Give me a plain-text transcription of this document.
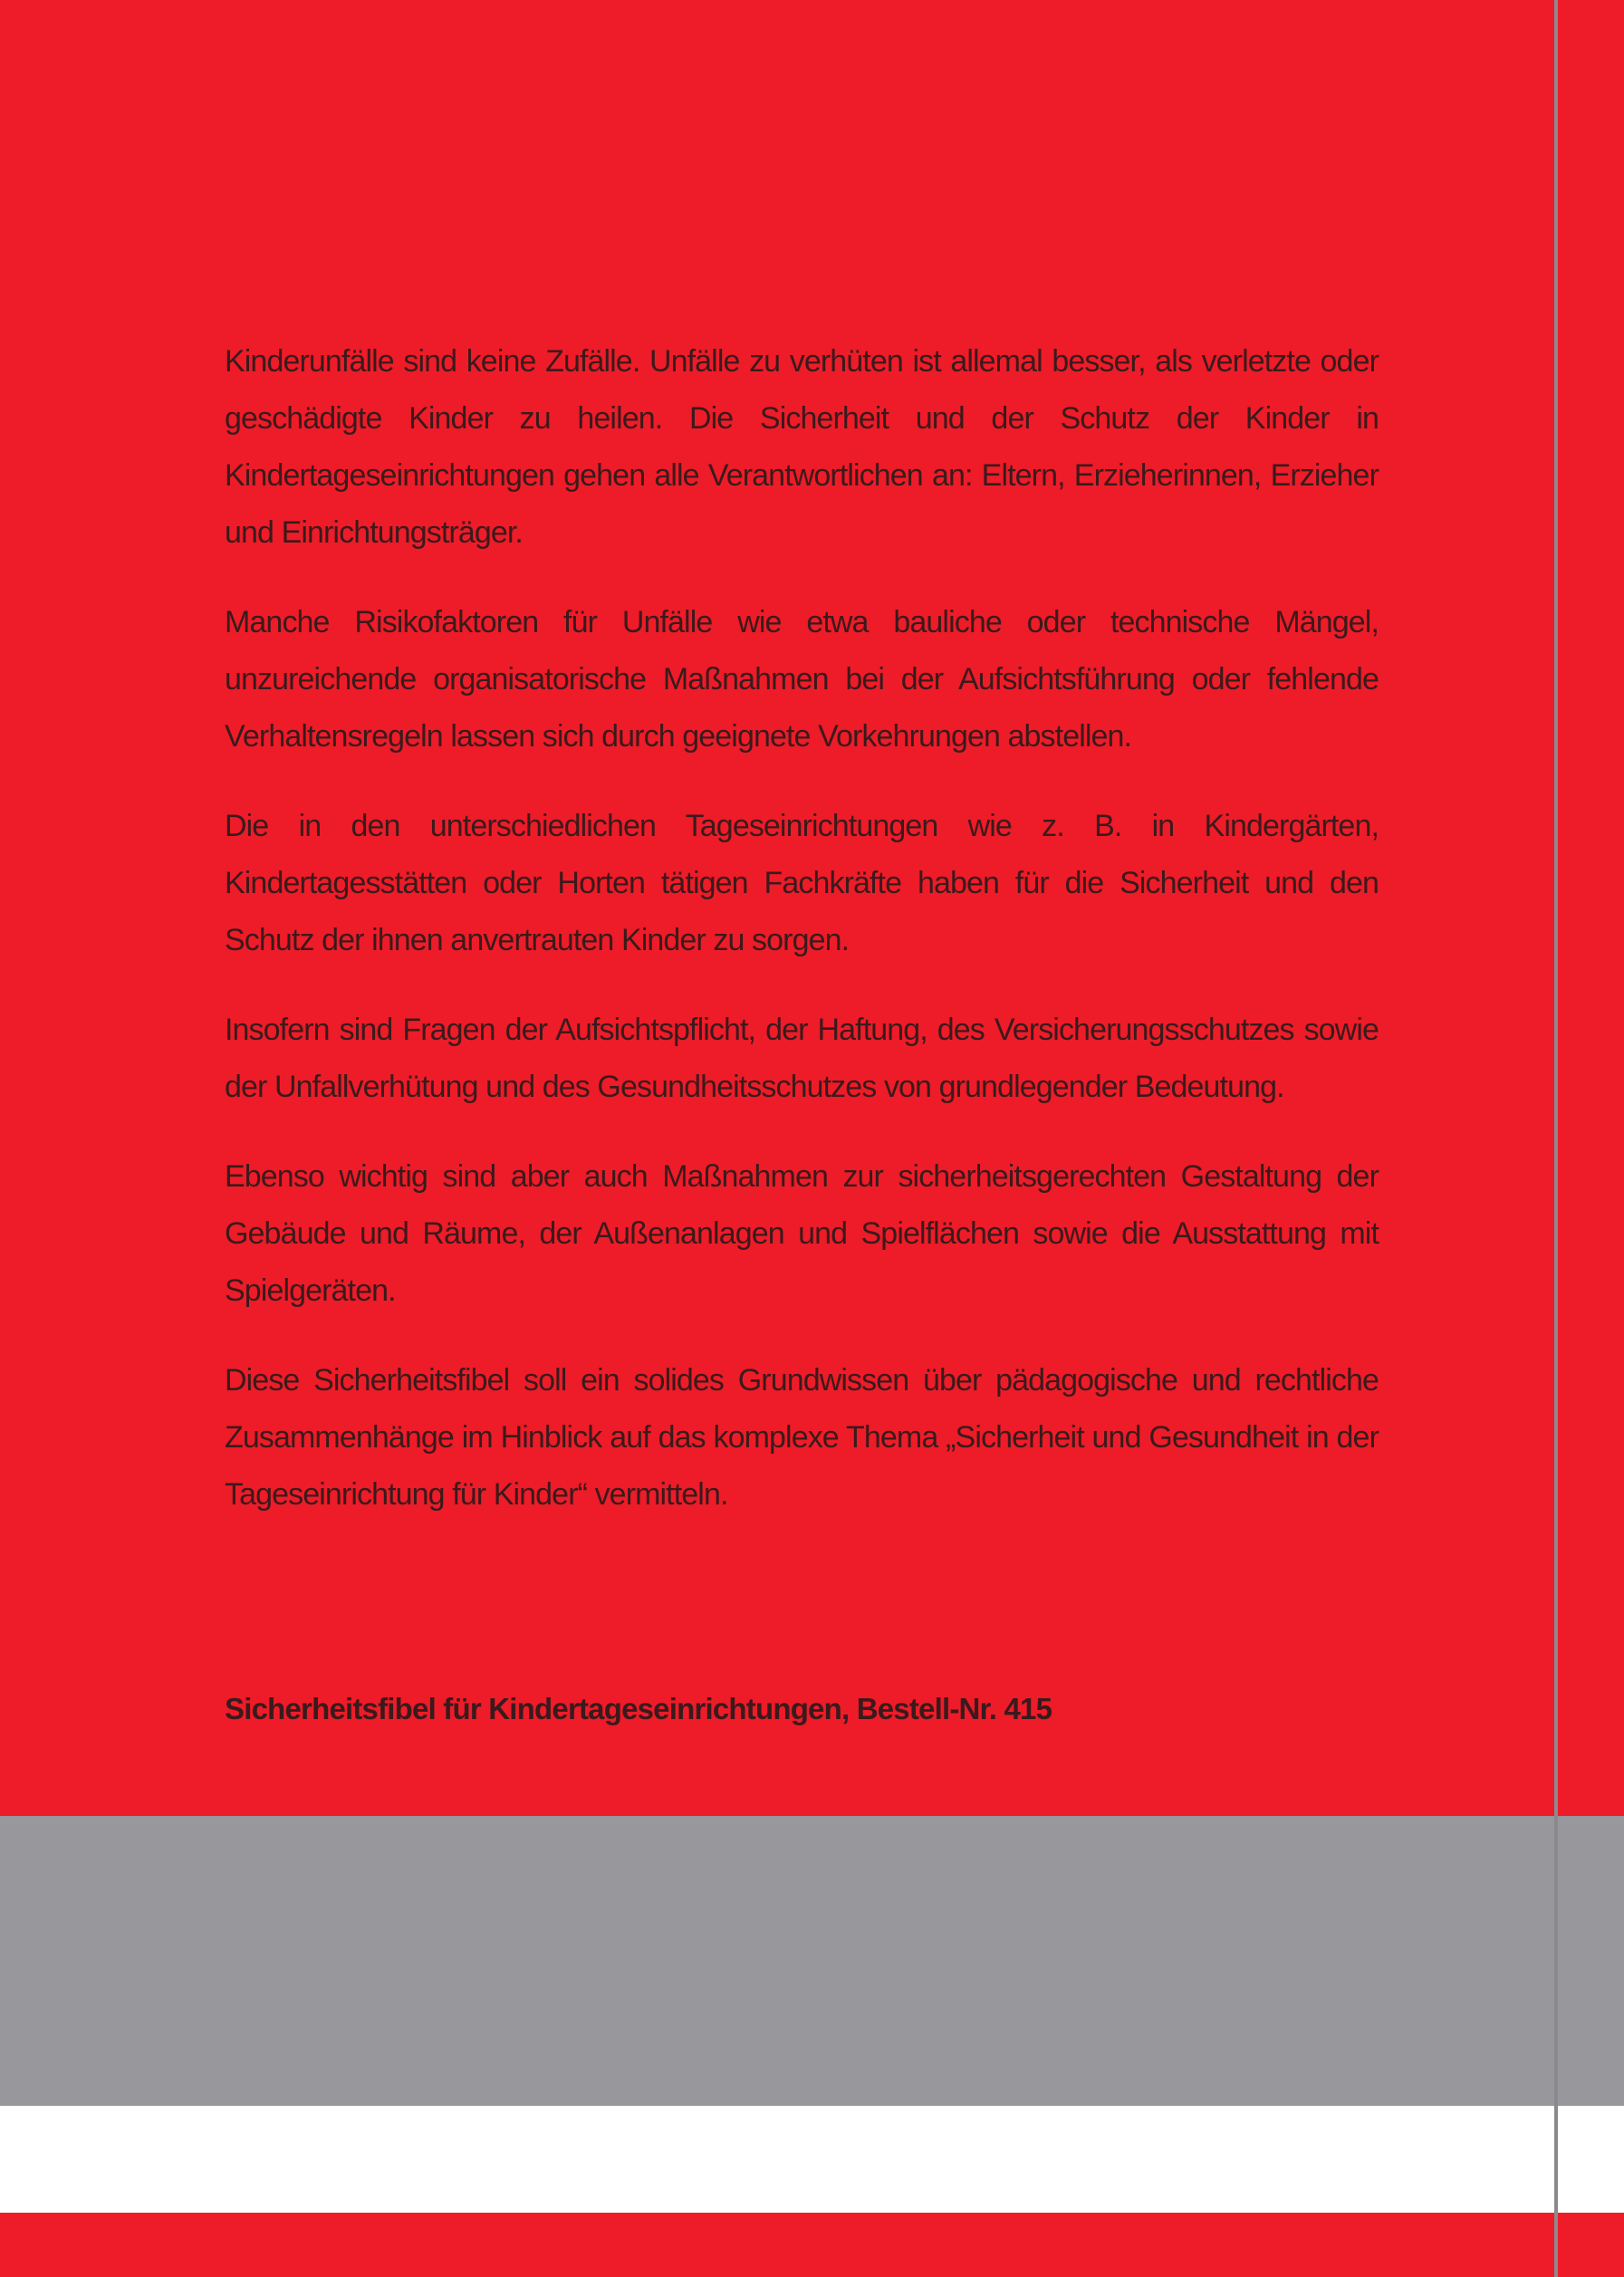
Kinderunfälle sind keine Zufälle. Unfälle zu verhüten ist allemal besser, als verletzte oder geschädigte Kinder zu heilen. Die Sicherheit und der Schutz der Kinder in Kindertageseinrichtungen gehen alle Verantwortlichen an: Eltern, Erzieherinnen, Erzieher und Einrichtungsträger.

Manche Risikofaktoren für Unfälle wie etwa bauliche oder technische Mängel, unzureichende organisatorische Maßnahmen bei der Aufsichtsführung oder fehlende Verhaltensregeln lassen sich durch geeignete Vorkehrungen abstellen.

Die in den unterschiedlichen Tageseinrichtungen wie z. B. in Kindergärten, Kindertagesstätten oder Horten tätigen Fachkräfte haben für die Sicherheit und den Schutz der ihnen anvertrauten Kinder zu sorgen.

Insofern sind Fragen der Aufsichtspflicht, der Haftung, des Versicherungsschutzes sowie der Unfallverhütung und des Gesundheitsschutzes von grundlegender Bedeutung.

Ebenso wichtig sind aber auch Maßnahmen zur sicherheitsgerechten Gestaltung der Gebäude und Räume, der Außenanlagen und Spielflächen sowie die Ausstattung mit Spielgeräten.

Diese Sicherheitsfibel soll ein solides Grundwissen über pädagogische und rechtliche Zusammenhänge im Hinblick auf das komplexe Thema „Sicherheit und Gesundheit in der Tageseinrichtung für Kinder“ vermitteln.

Sicherheitsfibel für Kindertageseinrichtungen, Bestell-Nr. 415
